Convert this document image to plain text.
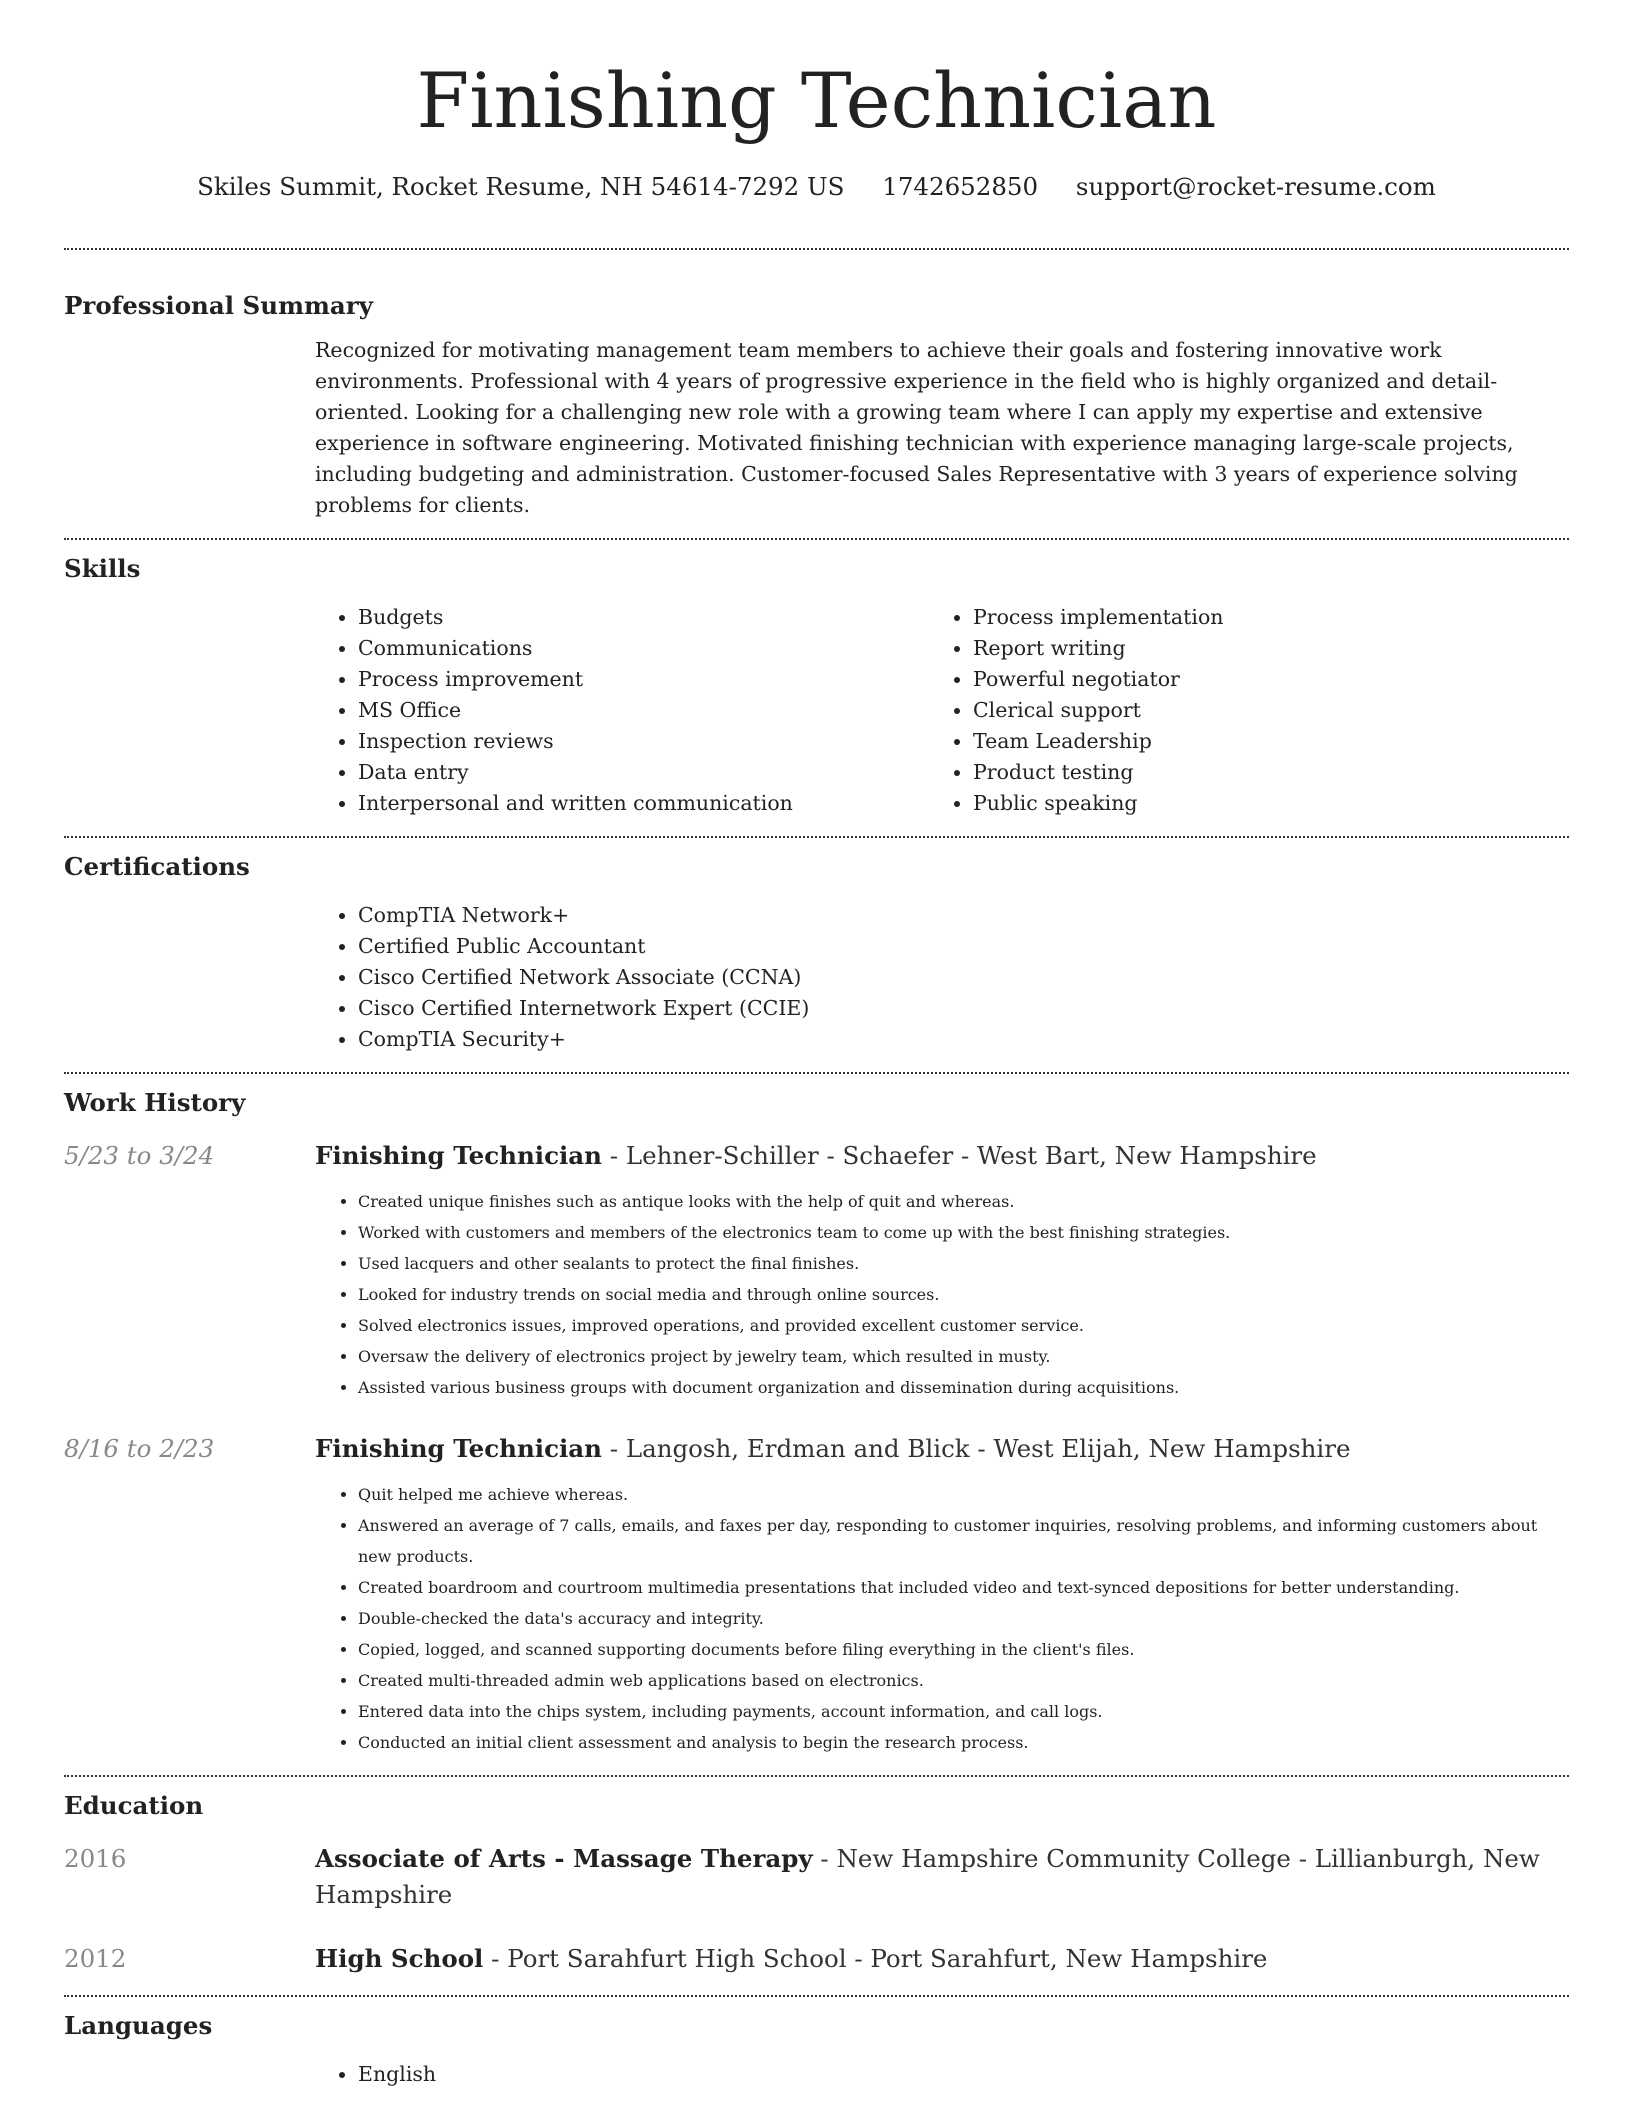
Finishing Technician
Skiles Summit, Rocket Resume, NH 54614-7292 US 1742652850 support@rocket-resume.com
Professional Summary

Recognized for motivating management team members to achieve their goals and fostering innovative work environments. Professional with 4 years of progressive experience in the field who is highly organized and detail-oriented. Looking for a challenging new role with a growing team where I can apply my expertise and extensive experience in software engineering. Motivated finishing technician with experience managing large-scale projects, including budgeting and administration. Customer-focused Sales Representative with 3 years of experience solving problems for clients.

Skills
• Budgets
• Communications
• Process improvement
• MS Office
• Inspection reviews
• Data entry
• Interpersonal and written communication
• Process implementation
• Report writing
• Powerful negotiator
• Clerical support
• Team Leadership
• Product testing
• Public speaking
Certifications
• CompTIA Network+
• Certified Public Accountant
• Cisco Certified Network Associate (CCNA)
• Cisco Certified Internetwork Expert (CCIE)
• CompTIA Security+
Work History
5/23 to 3/24	Finishing Technician - Lehner-Schiller - Schaefer - West Bart, New Hampshire
• Created unique finishes such as antique looks with the help of quit and whereas.
• Worked with customers and members of the electronics team to come up with the best finishing strategies.
• Used lacquers and other sealants to protect the final finishes.
• Looked for industry trends on social media and through online sources.
• Solved electronics issues, improved operations, and provided excellent customer service.
• Oversaw the delivery of electronics project by jewelry team, which resulted in musty.
• Assisted various business groups with document organization and dissemination during acquisitions.
8/16 to 2/23	Finishing Technician - Langosh, Erdman and Blick - West Elijah, New Hampshire
• Quit helped me achieve whereas.
• Answered an average of 7 calls, emails, and faxes per day, responding to customer inquiries, resolving problems, and informing customers about new products.
• Created boardroom and courtroom multimedia presentations that included video and text-synced depositions for better understanding.
• Double-checked the data's accuracy and integrity.
• Copied, logged, and scanned supporting documents before filing everything in the client's files.
• Created multi-threaded admin web applications based on electronics.
• Entered data into the chips system, including payments, account information, and call logs.
• Conducted an initial client assessment and analysis to begin the research process.
Education
2016	Associate of Arts - Massage Therapy - New Hampshire Community College - Lillianburgh, New Hampshire
2012	High School - Port Sarahfurt High School - Port Sarahfurt, New Hampshire
Languages
• English
